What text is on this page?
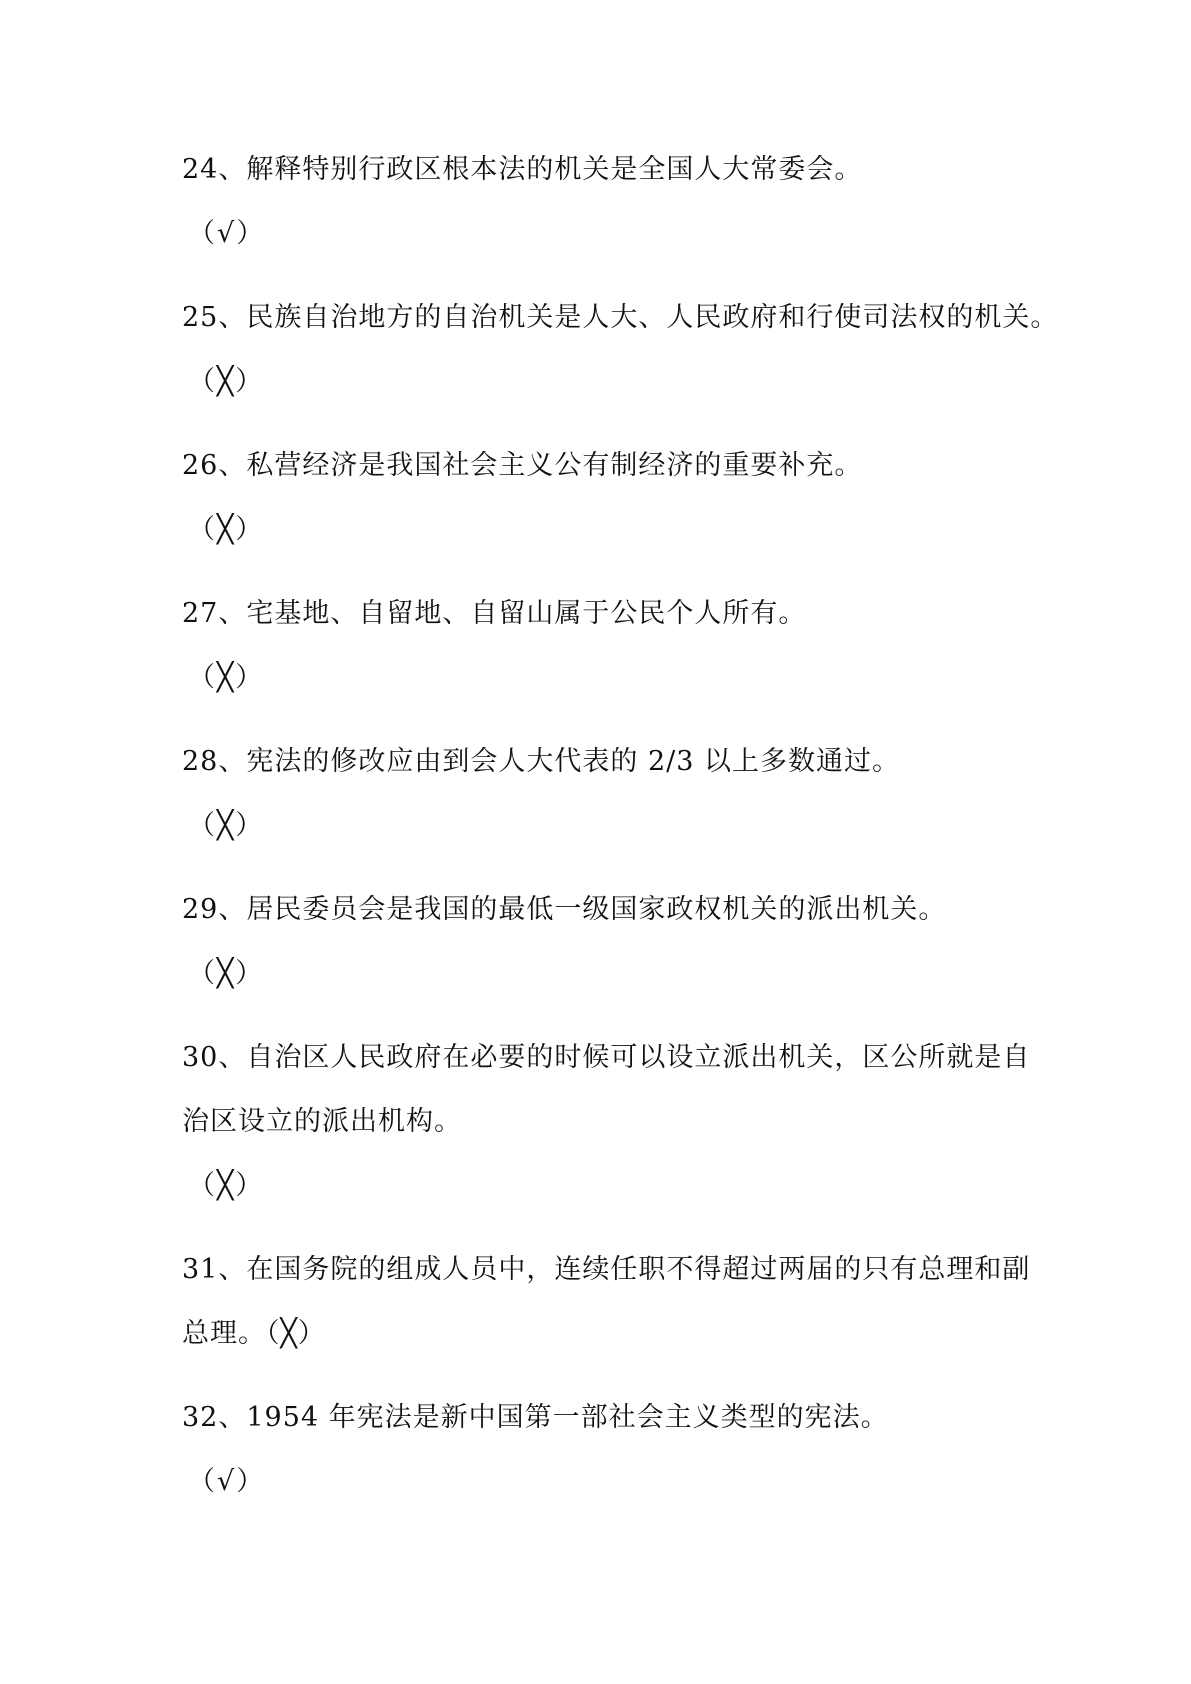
24、解释特别行政区根本法的机关是全国人大常委会。
（√）
25、民族自治地方的自治机关是人大、人民政府和行使司法权的机关。
（╳）
26、私营经济是我国社会主义公有制经济的重要补充。
（╳）
27、宅基地、自留地、自留山属于公民个人所有。
（╳）
28、宪法的修改应由到会人大代表的 2/3 以上多数通过。
（╳）
29、居民委员会是我国的最低一级国家政权机关的派出机关。
（╳）
30、自治区人民政府在必要的时候可以设立派出机关，区公所就是自
治区设立的派出机构。
（╳）
31、在国务院的组成人员中，连续任职不得超过两届的只有总理和副
总理。（╳）
32、1954 年宪法是新中国第一部社会主义类型的宪法。
（√）
